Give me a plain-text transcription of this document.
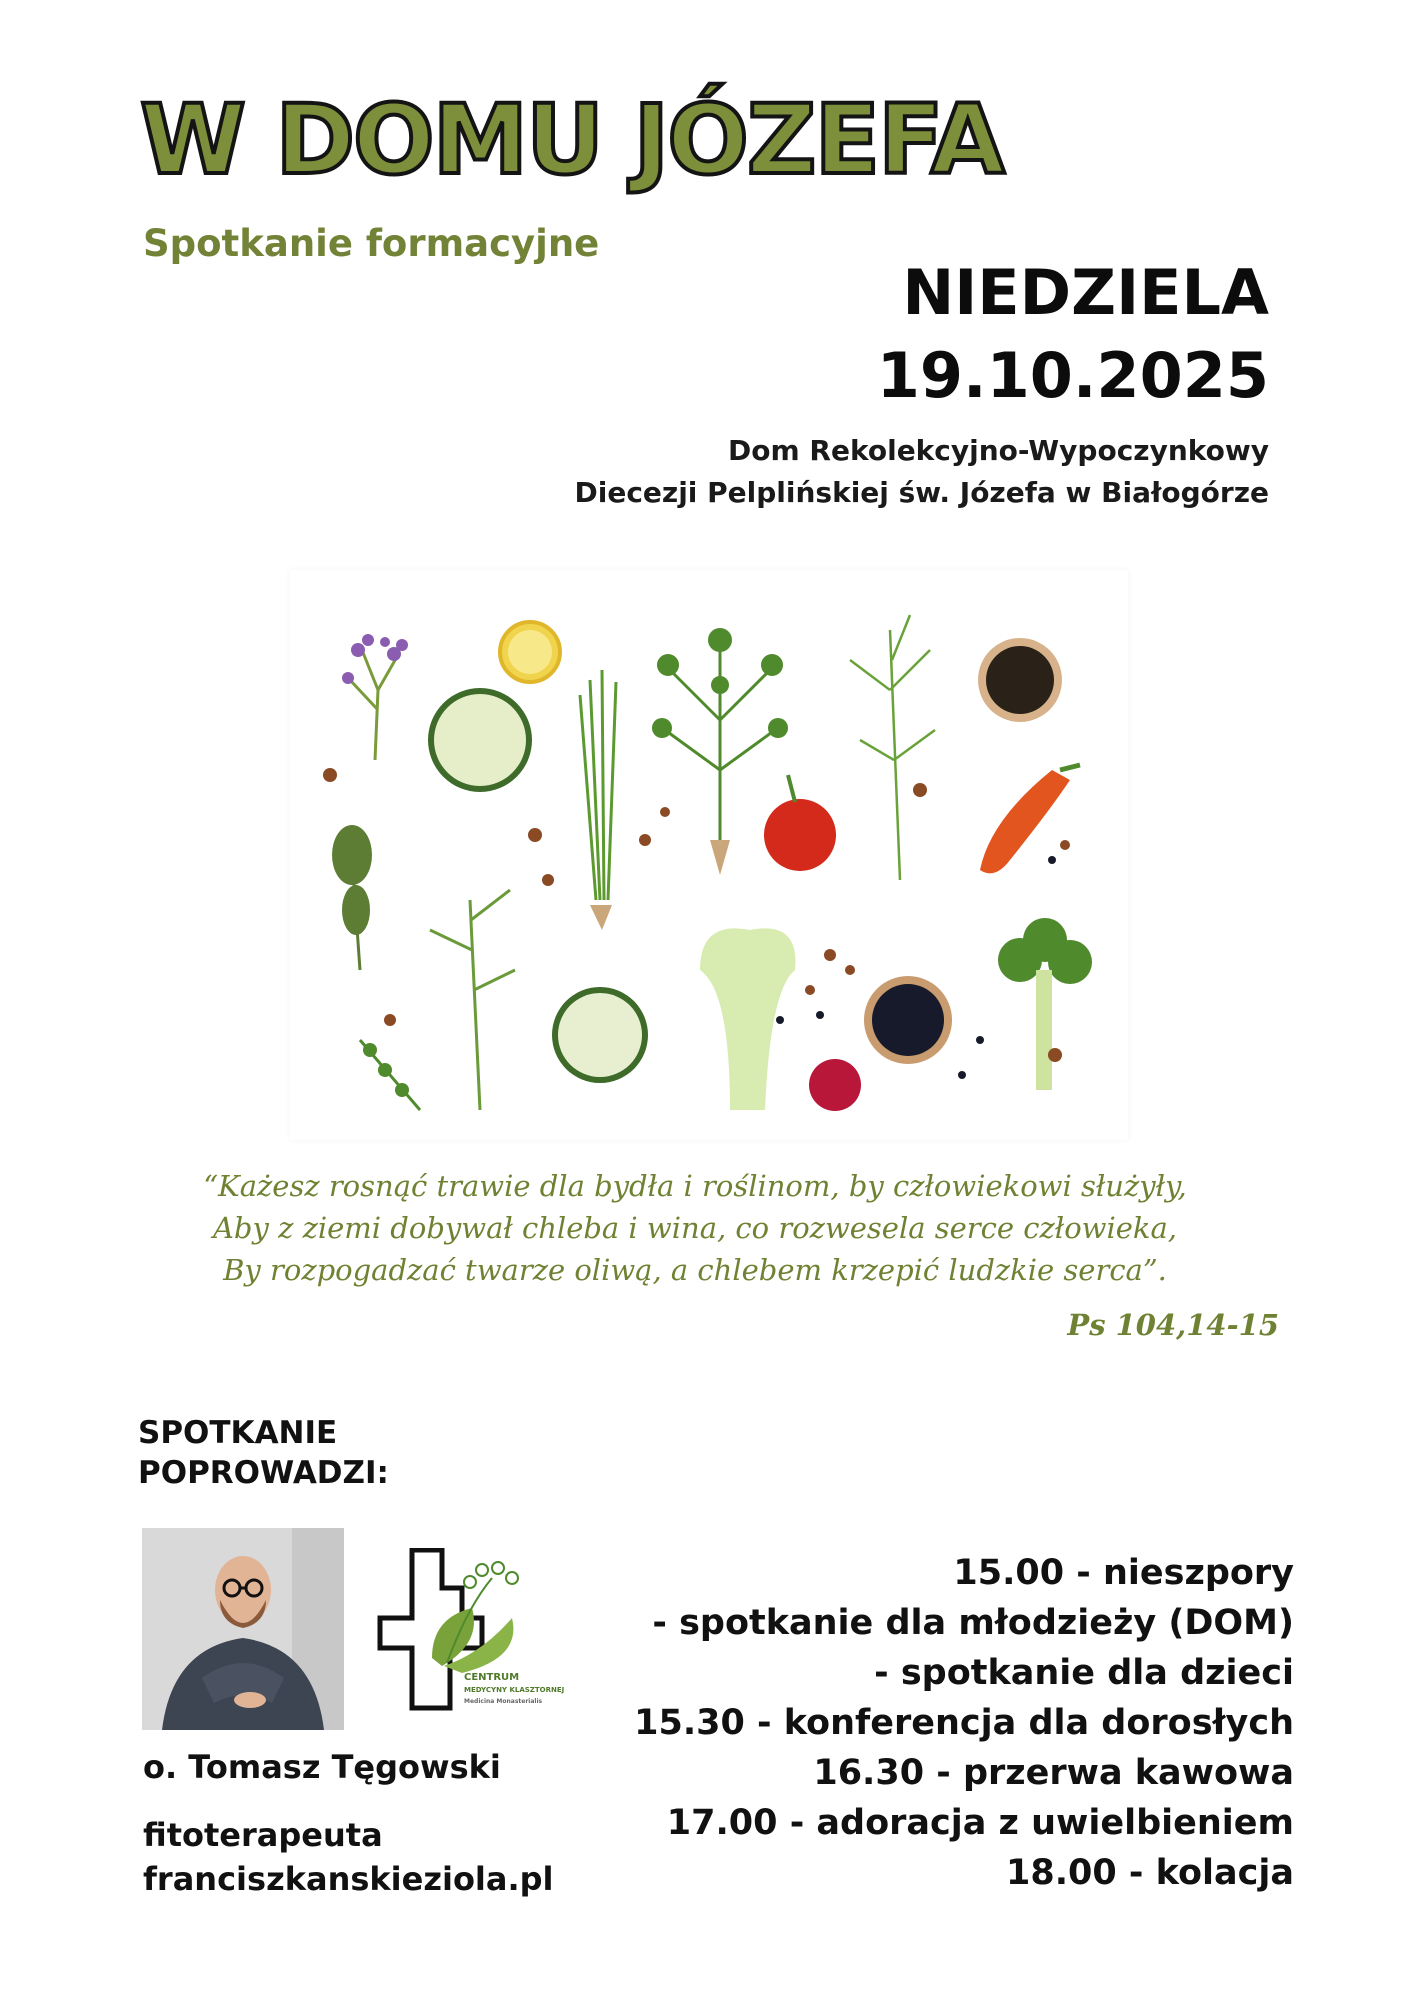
W DOMU JÓZEFA
Spotkanie formacyjne
NIEDZIELA
19.10.2025
Dom Rekolekcyjno-Wypoczynkowy
Diecezji Pelplińskiej św. Józefa w Białogórze
“Każesz rosnąć trawie dla bydła i roślinom, by człowiekowi służyły,
Aby z ziemi dobywał chleba i wina, co rozwesela serce człowieka,
By rozpogadzać twarze oliwą, a chlebem krzepić ludzkie serca”.
Ps 104,14-15
SPOTKANIE
POPROWADZI:
CENTRUM
MEDYCYNY KLASZTORNEJ
Medicina Monasterialis
o. Tomasz Tęgowski
fitoterapeuta
franciszkanskieziola.pl
15.00 - nieszpory
- spotkanie dla młodzieży (DOM)
- spotkanie dla dzieci
15.30 - konferencja dla dorosłych
16.30 - przerwa kawowa
17.00 - adoracja z uwielbieniem
18.00 - kolacja
